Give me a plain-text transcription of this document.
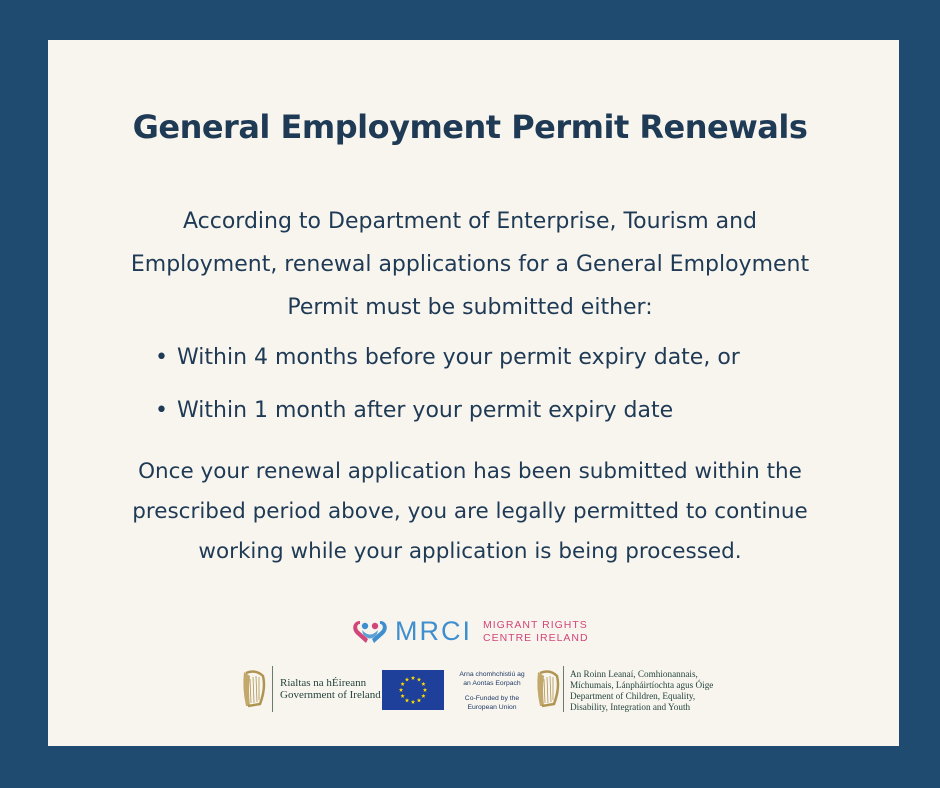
General Employment Permit Renewals

According to Department of Enterprise, Tourism and Employment, renewal applications for a General Employment Permit must be submitted either:

• Within 4 months before your permit expiry date, or
• Within 1 month after your permit expiry date

Once your renewal application has been submitted within the prescribed period above, you are legally permitted to continue working while your application is being processed.

MRCI MIGRANT RIGHTS
CENTRE IRELAND
Rialtas na hÉireann
Government of Ireland
Arna chomhchistiú ag
an Aontas Eorpach
Co-Funded by the
European Union
An Roinn Leanaí, Comhionannais,
Míchumais, Lánpháirtíochta agus Óige
Department of Children, Equality,
Disability, Integration and Youth
